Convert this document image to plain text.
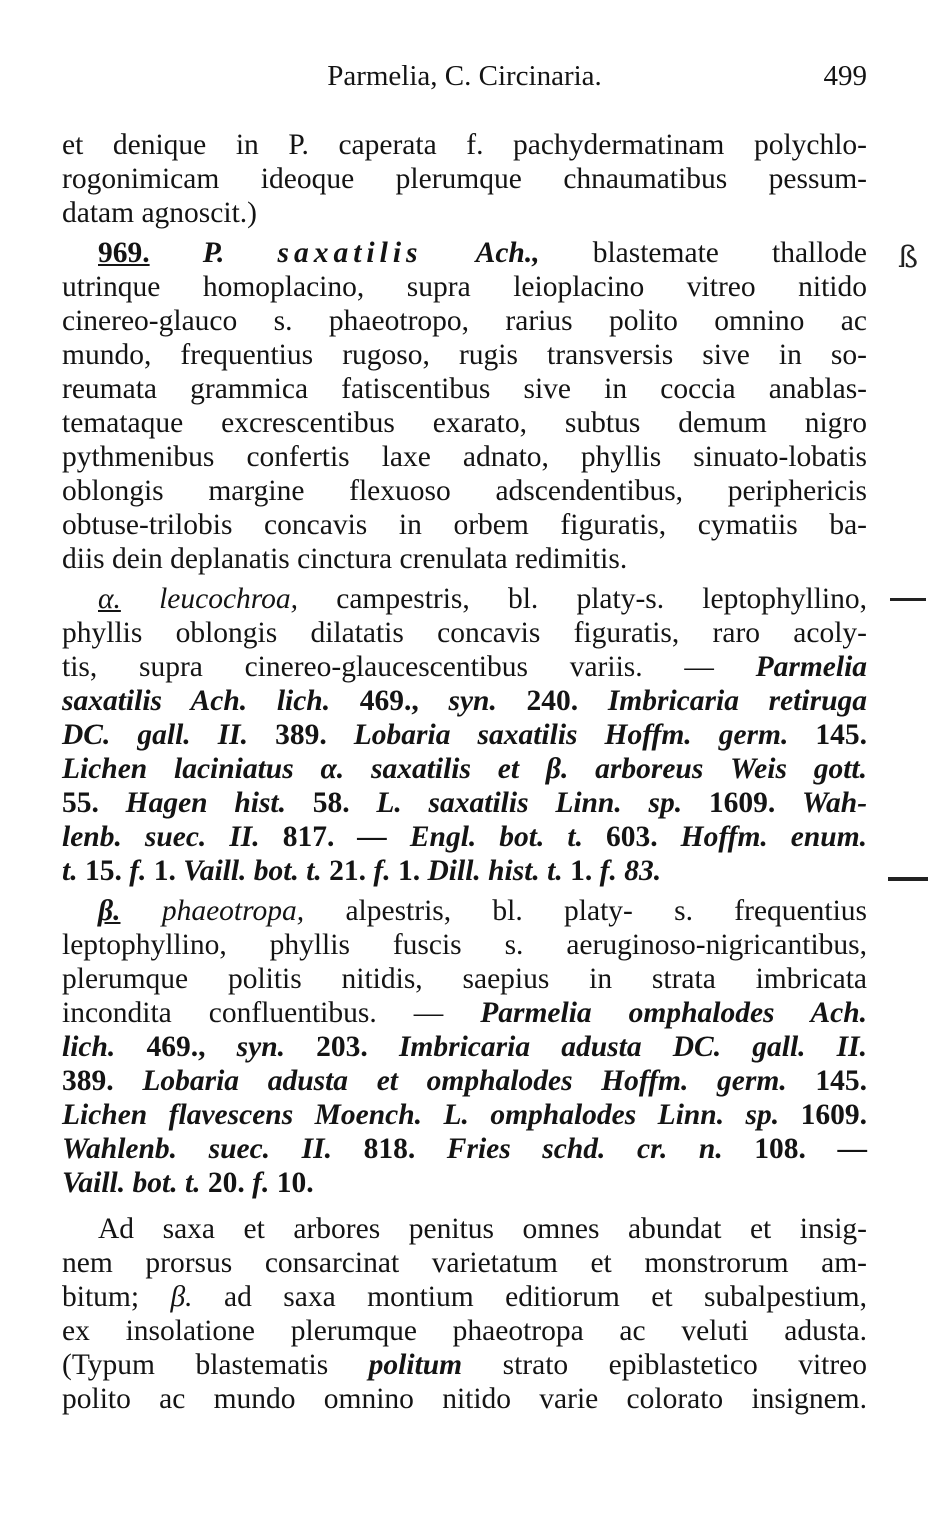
Parmelia, C. Circinaria.	499
et denique in P. caperata f. pachydermatinam polychlo-
rogonimicam ideoque plerumque chnaumatibus pessum-
datam agnoscit.)
969. P. saxatilis Ach., blastemate thallode
utrinque homoplacino, supra leioplacino vitreo nitido
cinereo-glauco s. phaeotropo, rarius polito omnino ac
mundo, frequentius rugoso, rugis transversis sive in so-
reumata grammica fatiscentibus sive in coccia anablas-
temataque excrescentibus exarato, subtus demum nigro
pythmenibus confertis laxe adnato, phyllis sinuato-lobatis
oblongis margine flexuoso adscendentibus, periphericis
obtuse-trilobis concavis in orbem figuratis, cymatiis ba-
diis dein deplanatis cinctura crenulata redimitis.
α. leucochroa, campestris, bl. platy-s. leptophyllino,
phyllis oblongis dilatatis concavis figuratis, raro acoly-
tis, supra cinereo-glaucescentibus variis. — Parmelia
saxatilis Ach. lich. 469., syn. 240. Imbricaria retiruga
DC. gall. II. 389. Lobaria saxatilis Hoffm. germ. 145.
Lichen laciniatus α. saxatilis et β. arboreus Weis gott.
55. Hagen hist. 58. L. saxatilis Linn. sp. 1609. Wah-
lenb. suec. II. 817. — Engl. bot. t. 603. Hoffm. enum.
t. 15. f. 1. Vaill. bot. t. 21. f. 1. Dill. hist. t. 1. f. 83.
β. phaeotropa, alpestris, bl. platy- s. frequentius
leptophyllino, phyllis fuscis s. aeruginoso-nigricantibus,
plerumque politis nitidis, saepius in strata imbricata
incondita confluentibus. — Parmelia omphalodes Ach.
lich. 469., syn. 203. Imbricaria adusta DC. gall. II.
389. Lobaria adusta et omphalodes Hoffm. germ. 145.
Lichen flavescens Moench. L. omphalodes Linn. sp. 1609.
Wahlenb. suec. II. 818. Fries schd. cr. n. 108. —
Vaill. bot. t. 20. f. 10.
Ad saxa et arbores penitus omnes abundat et insig-
nem prorsus consarcinat varietatum et monstrorum am-
bitum; β. ad saxa montium editiorum et subalpestium,
ex insolatione plerumque phaeotropa ac veluti adusta.
(Typum blastematis politum strato epiblastetico vitreo
polito ac mundo omnino nitido varie colorato insignem.
ß
